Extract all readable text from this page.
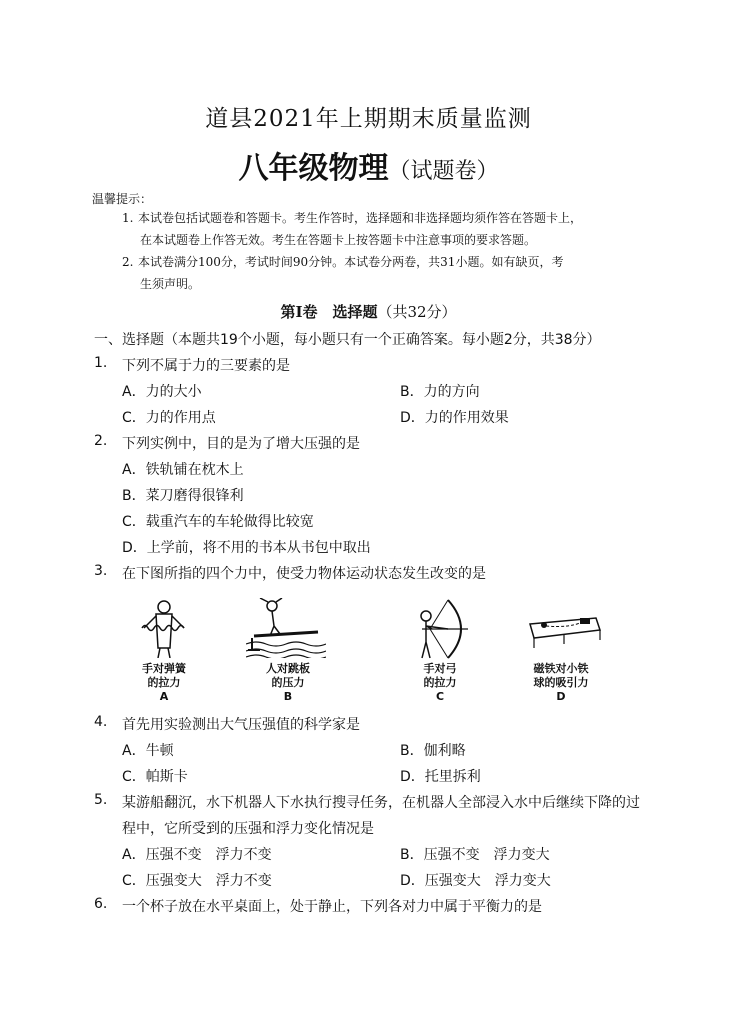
道县2021年上期期末质量监测
八年级物理（试题卷）
温馨提示：
1. 本试卷包括试题卷和答题卡。考生作答时，选择题和非选择题均须作答在答题卡上，
在本试题卷上作答无效。考生在答题卡上按答题卡中注意事项的要求答题。
2. 本试卷满分100分，考试时间90分钟。本试卷分两卷，共31小题。如有缺页，考
生须声明。
第Ⅰ卷　选择题（共32分）
一、选择题（本题共19个小题，每小题只有一个正确答案。每小题2分，共38分）
1. 下列不属于力的三要素的是
A．力的大小	B．力的方向
C．力的作用点	D．力的作用效果
2. 下列实例中，目的是为了增大压强的是
A．铁轨铺在枕木上
B．菜刀磨得很锋利
C．载重汽车的车轮做得比较宽
D．上学前，将不用的书本从书包中取出
3. 在下图所指的四个力中，使受力物体运动状态发生改变的是
手对弹簧
的拉力
A
人对跳板
的压力
B
手对弓
的拉力
C
磁铁对小铁
球的吸引力
D
4. 首先用实验测出大气压强值的科学家是
A．牛顿	B．伽利略
C．帕斯卡	D．托里拆利
5. 某游船翻沉，水下机器人下水执行搜寻任务，在机器人全部浸入水中后继续下降的过
程中，它所受到的压强和浮力变化情况是
A．压强不变　浮力不变	B．压强不变　浮力变大
C．压强变大　浮力不变	D．压强变大　浮力变大
6. 一个杯子放在水平桌面上，处于静止，下列各对力中属于平衡力的是
